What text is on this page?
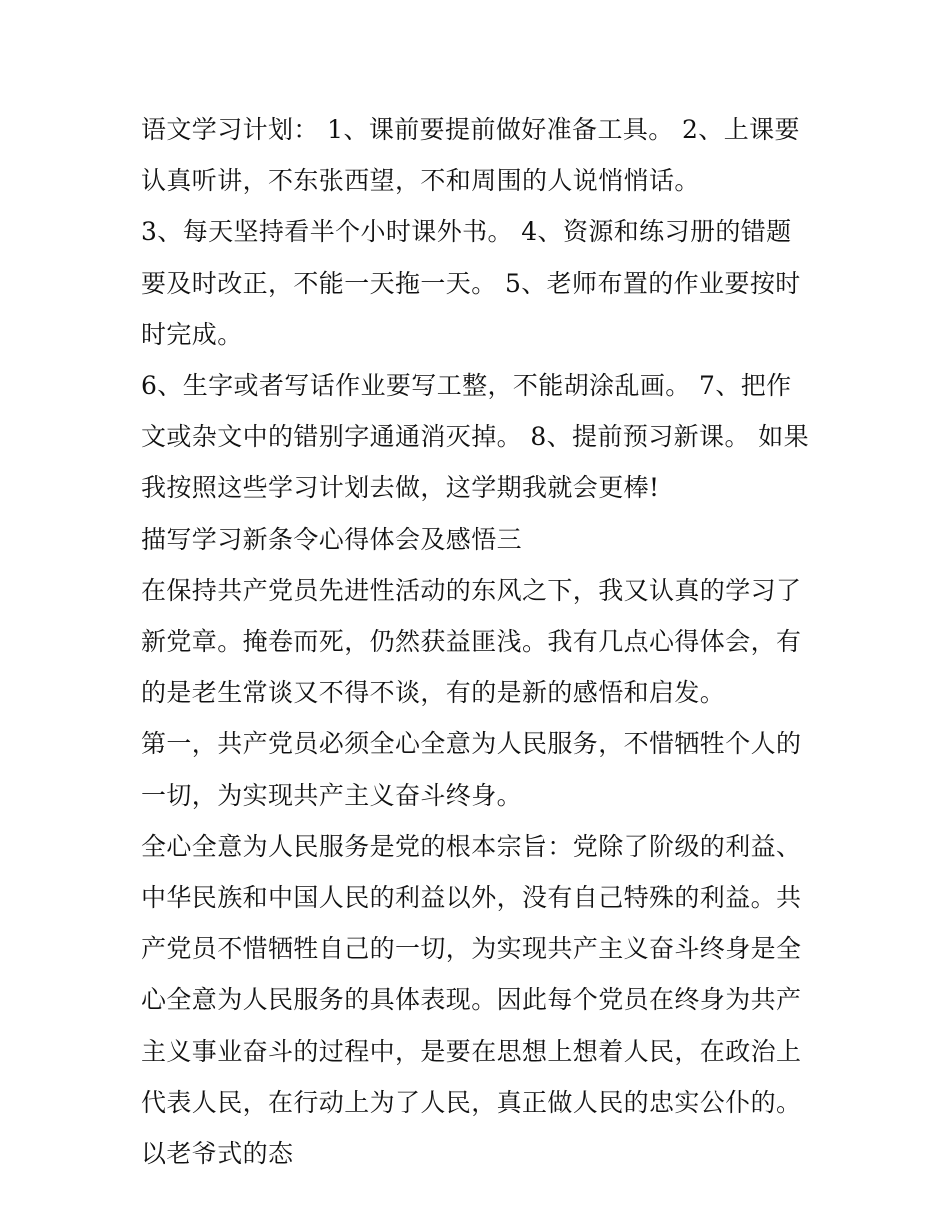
语文学习计划： 1、课前要提前做好准备工具。 2、上课要认真听讲，不东张西望，不和周围的人说悄悄话。

3、每天坚持看半个小时课外书。 4、资源和练习册的错题要及时改正，不能一天拖一天。 5、老师布置的作业要按时时完成。

6、生字或者写话作业要写工整，不能胡涂乱画。 7、把作文或杂文中的错别字通通消灭掉。 8、提前预习新课。 如果我按照这些学习计划去做，这学期我就会更棒!

描写学习新条令心得体会及感悟三

在保持共产党员先进性活动的东风之下，我又认真的学习了新党章。掩卷而死，仍然获益匪浅。我有几点心得体会，有的是老生常谈又不得不谈，有的是新的感悟和启发。

第一，共产党员必须全心全意为人民服务，不惜牺牲个人的一切，为实现共产主义奋斗终身。

全心全意为人民服务是党的根本宗旨：党除了阶级的利益、中华民族和中国人民的利益以外，没有自己特殊的利益。共产党员不惜牺牲自己的一切，为实现共产主义奋斗终身是全心全意为人民服务的具体表现。因此每个党员在终身为共产主义事业奋斗的过程中，是要在思想上想着人民，在政治上代表人民，在行动上为了人民，真正做人民的忠实公仆的。以老爷式的态
